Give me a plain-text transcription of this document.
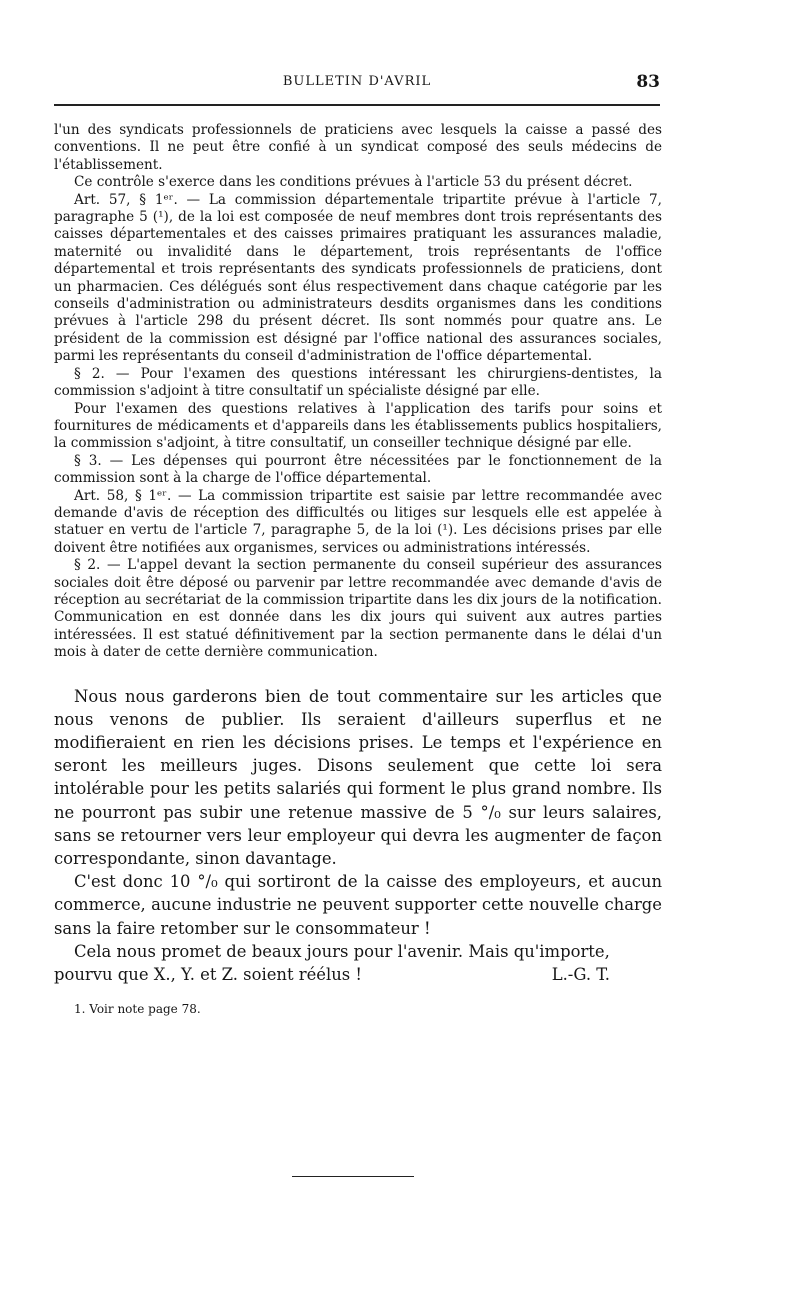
BULLETIN D'AVRIL	83

l'un des syndicats professionnels de praticiens avec lesquels la caisse a passé des conventions. Il ne peut être confié à un syndicat composé des seuls médecins de l'établissement.

Ce contrôle s'exerce dans les conditions prévues à l'article 53 du présent décret.

Art. 57, § 1ᵉʳ. — La commission départementale tripartite prévue à l'article 7, paragraphe 5 (¹), de la loi est composée de neuf membres dont trois représentants des caisses départementales et des caisses primaires pratiquant les assurances maladie, maternité ou invalidité dans le département, trois représentants de l'office départemental et trois représentants des syndicats professionnels de praticiens, dont un pharmacien. Ces délégués sont élus respectivement dans chaque catégorie par les conseils d'administration ou administrateurs desdits organismes dans les conditions prévues à l'article 298 du présent décret. Ils sont nommés pour quatre ans. Le président de la commission est désigné par l'office national des assurances sociales, parmi les représentants du conseil d'administration de l'office départemental.

§ 2. — Pour l'examen des questions intéressant les chirurgiens-dentistes, la commission s'adjoint à titre consultatif un spécialiste désigné par elle.

Pour l'examen des questions relatives à l'application des tarifs pour soins et fournitures de médicaments et d'appareils dans les établissements publics hospitaliers, la commission s'adjoint, à titre consultatif, un conseiller technique désigné par elle.

§ 3. — Les dépenses qui pourront être nécessitées par le fonctionnement de la commission sont à la charge de l'office départemental.

Art. 58, § 1ᵉʳ. — La commission tripartite est saisie par lettre recommandée avec demande d'avis de réception des difficultés ou litiges sur lesquels elle est appelée à statuer en vertu de l'article 7, paragraphe 5, de la loi (¹). Les décisions prises par elle doivent être notifiées aux organismes, services ou administrations intéressés.

§ 2. — L'appel devant la section permanente du conseil supérieur des assurances sociales doit être déposé ou parvenir par lettre recommandée avec demande d'avis de réception au secrétariat de la commission tripartite dans les dix jours de la notification. Communication en est donnée dans les dix jours qui suivent aux autres parties intéressées. Il est statué définitivement par la section permanente dans le délai d'un mois à dater de cette dernière communication.

Nous nous garderons bien de tout commentaire sur les articles que nous venons de publier. Ils seraient d'ailleurs superflus et ne modifieraient en rien les décisions prises. Le temps et l'expérience en seront les meilleurs juges. Disons seulement que cette loi sera intolérable pour les petits salariés qui forment le plus grand nombre. Ils ne pourront pas subir une retenue massive de 5 °/₀ sur leurs salaires, sans se retourner vers leur employeur qui devra les augmenter de façon correspondante, sinon davantage.

C'est donc 10 °/₀ qui sortiront de la caisse des employeurs, et aucun commerce, aucune industrie ne peuvent supporter cette nouvelle charge sans la faire retomber sur le consommateur !

Cela nous promet de beaux jours pour l'avenir. Mais qu'importe,

pourvu que X., Y. et Z. soient réélus !	L.-G. T.
1. Voir note page 78.
